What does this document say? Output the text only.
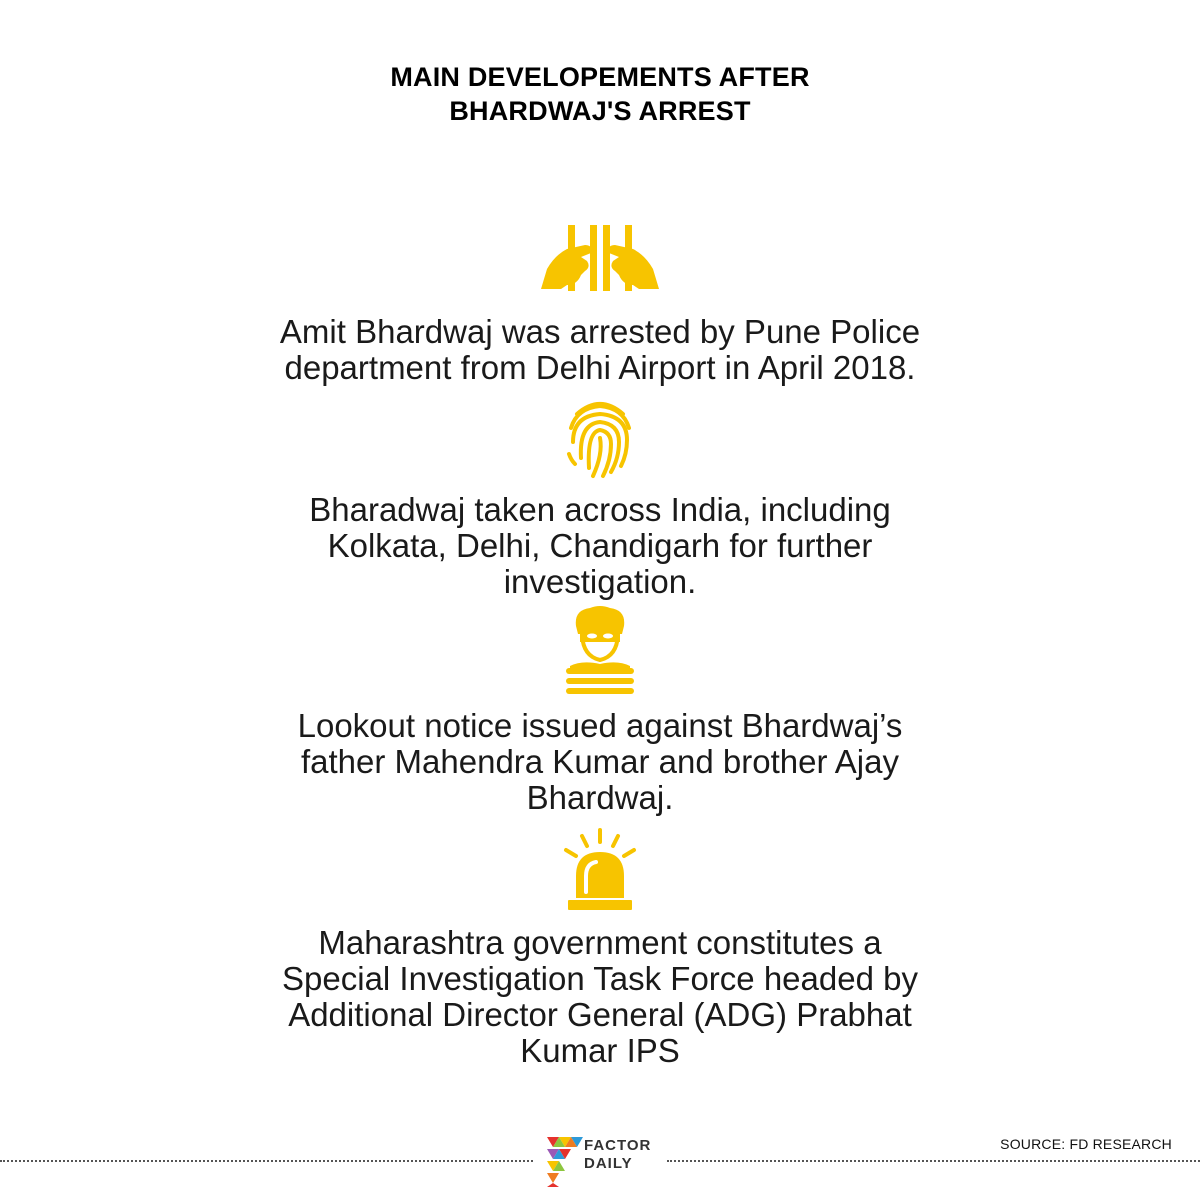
MAIN DEVELOPEMENTS AFTER
BHARDWAJ'S ARREST
Amit Bhardwaj was arrested by Pune Police
department from Delhi Airport in April 2018.
Bharadwaj taken across India, including
Kolkata, Delhi, Chandigarh for further
investigation.
Lookout notice issued against Bhardwaj’s
father Mahendra Kumar and brother Ajay
Bhardwaj.
Maharashtra government constitutes a
Special Investigation Task Force headed by
Additional Director General (ADG) Prabhat
Kumar IPS
FACTOR
DAILY
SOURCE: FD RESEARCH
